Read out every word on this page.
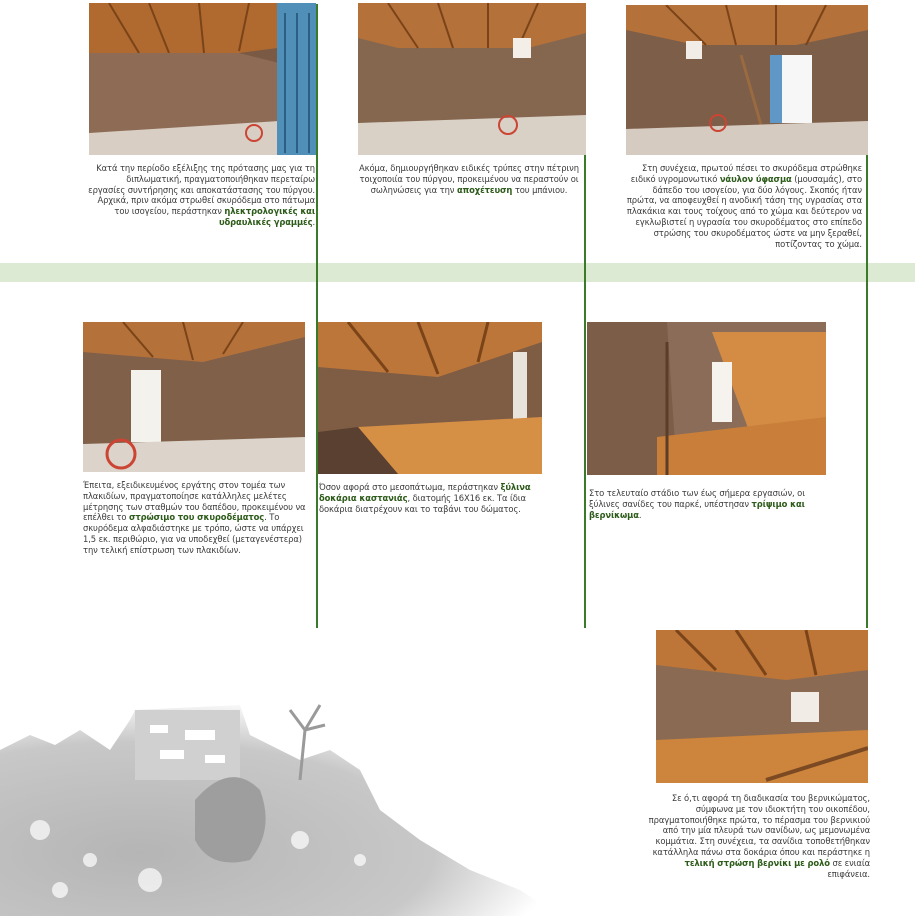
Κατά την περίοδο εξέλιξης της πρότασης μας για τη διπλωματική, πραγματοποιήθηκαν περεταίρω εργασίες συντήρησης και αποκατάστασης του πύργου. Αρχικά, πριν ακόμα στρωθεί σκυρόδεμα στο πάτωμα του ισογείου, περάστηκαν ηλεκτρολογικές και υδραυλικές γραμμές.
Ακόμα, δημιουργήθηκαν ειδικές τρύπες στην πέτρινη τοιχοποιία του πύργου, προκειμένου να περαστούν οι σωληνώσεις για την αποχέτευση του μπάνιου.
Στη συνέχεια, πρωτού πέσει το σκυρόδεμα στρώθηκε ειδικό υγρομονωτικό νάυλον ύφασμα (μουσαμάς), στο δάπεδο του ισογείου, για δύο λόγους. Σκοπός ήταν πρώτα, να αποφευχθεί η ανοδική τάση της υγρασίας στα πλακάκια και τους τοίχους από το χώμα και δεύτερον να εγκλωβιστεί η υγρασία του σκυροδέματος στο επίπεδο στρώσης του σκυροδέματος ώστε να μην ξεραθεί, ποτίζοντας το χώμα.
Έπειτα, εξειδικευμένος εργάτης στον τομέα των πλακιδίων, πραγματοποίησε κατάλληλες μελέτες μέτρησης των σταθμών του δαπέδου, προκειμένου να επέλθει το στρώσιμο του σκυροδέματος. Το σκυρόδεμα αλφαδιάστηκε με τρόπο, ώστε να υπάρχει 1,5 εκ. περιθώριο, για να υποδεχθεί (μεταγενέστερα) την τελική επίστρωση των πλακιδίων.
Όσον αφορά στο μεσοπάτωμα, περάστηκαν ξύλινα δοκάρια καστανιάς, διατομής 16Χ16 εκ. Τα ίδια δοκάρια διατρέχουν και το ταβάνι του δώματος.
Στο τελευταίο στάδιο των έως σήμερα εργασιών, οι ξύλινες σανίδες του παρκέ, υπέστησαν τρίψιμο και βερνίκωμα.
Σε ό,τι αφορά τη διαδικασία του βερνικώματος, σύμφωνα με τον ιδιοκτήτη του οικοπέδου, πραγματοποιήθηκε πρώτα, το πέρασμα του βερνικιού από την μία πλευρά των σανίδων, ως μεμονωμένα κομμάτια. Στη συνέχεια, τα σανίδια τοποθετήθηκαν κατάλληλα πάνω στα δοκάρια όπου και περάστηκε η τελική στρώση βερνίκι με ρολό σε ενιαία επιφάνεια.
